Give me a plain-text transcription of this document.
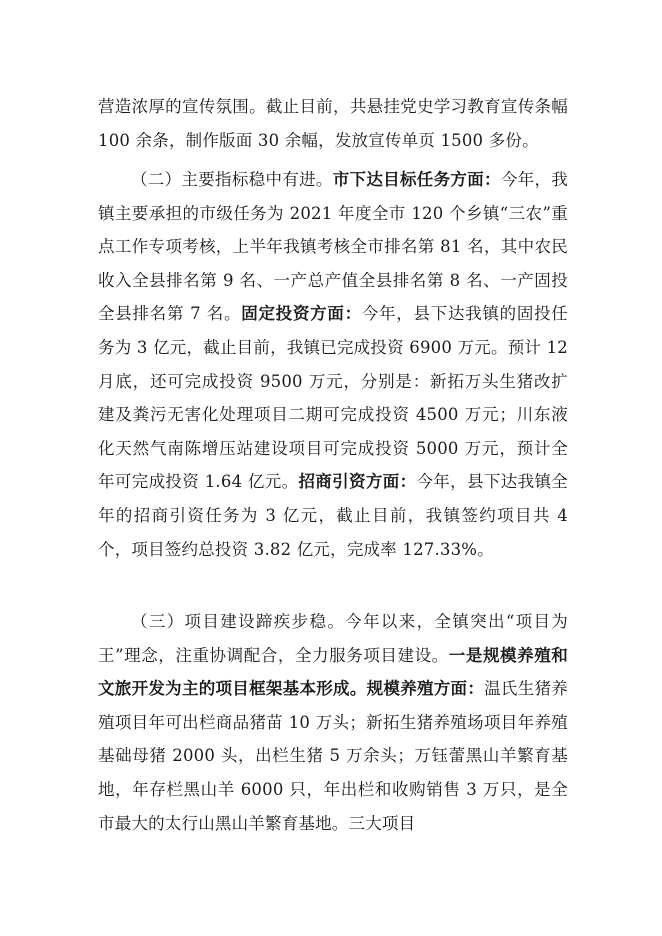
营造浓厚的宣传氛围。截止目前，共悬挂党史学习教育宣传条幅 100 余条，制作版面 30 余幅，发放宣传单页 1500 多份。

（二）主要指标稳中有进。市下达目标任务方面：今年，我镇主要承担的市级任务为 2021 年度全市 120 个乡镇“三农”重点工作专项考核，上半年我镇考核全市排名第 81 名，其中农民收入全县排名第 9 名、一产总产值全县排名第 8 名、一产固投全县排名第 7 名。固定投资方面：今年，县下达我镇的固投任务为 3 亿元，截止目前，我镇已完成投资 6900 万元。预计 12 月底，还可完成投资 9500 万元，分别是：新拓万头生猪改扩建及粪污无害化处理项目二期可完成投资 4500 万元；川东液化天然气南陈增压站建设项目可完成投资 5000 万元，预计全年可完成投资 1.64 亿元。招商引资方面：今年，县下达我镇全年的招商引资任务为 3 亿元，截止目前，我镇签约项目共 4 个，项目签约总投资 3.82 亿元，完成率 127.33%。

（三）项目建设蹄疾步稳。今年以来，全镇突出“项目为王”理念，注重协调配合，全力服务项目建设。一是规模养殖和文旅开发为主的项目框架基本形成。规模养殖方面：温氏生猪养殖项目年可出栏商品猪苗 10 万头；新拓生猪养殖场项目年养殖基础母猪 2000 头，出栏生猪 5 万余头；万钰蕾黑山羊繁育基地，年存栏黑山羊 6000 只，年出栏和收购销售 3 万只，是全市最大的太行山黑山羊繁育基地。三大项目
